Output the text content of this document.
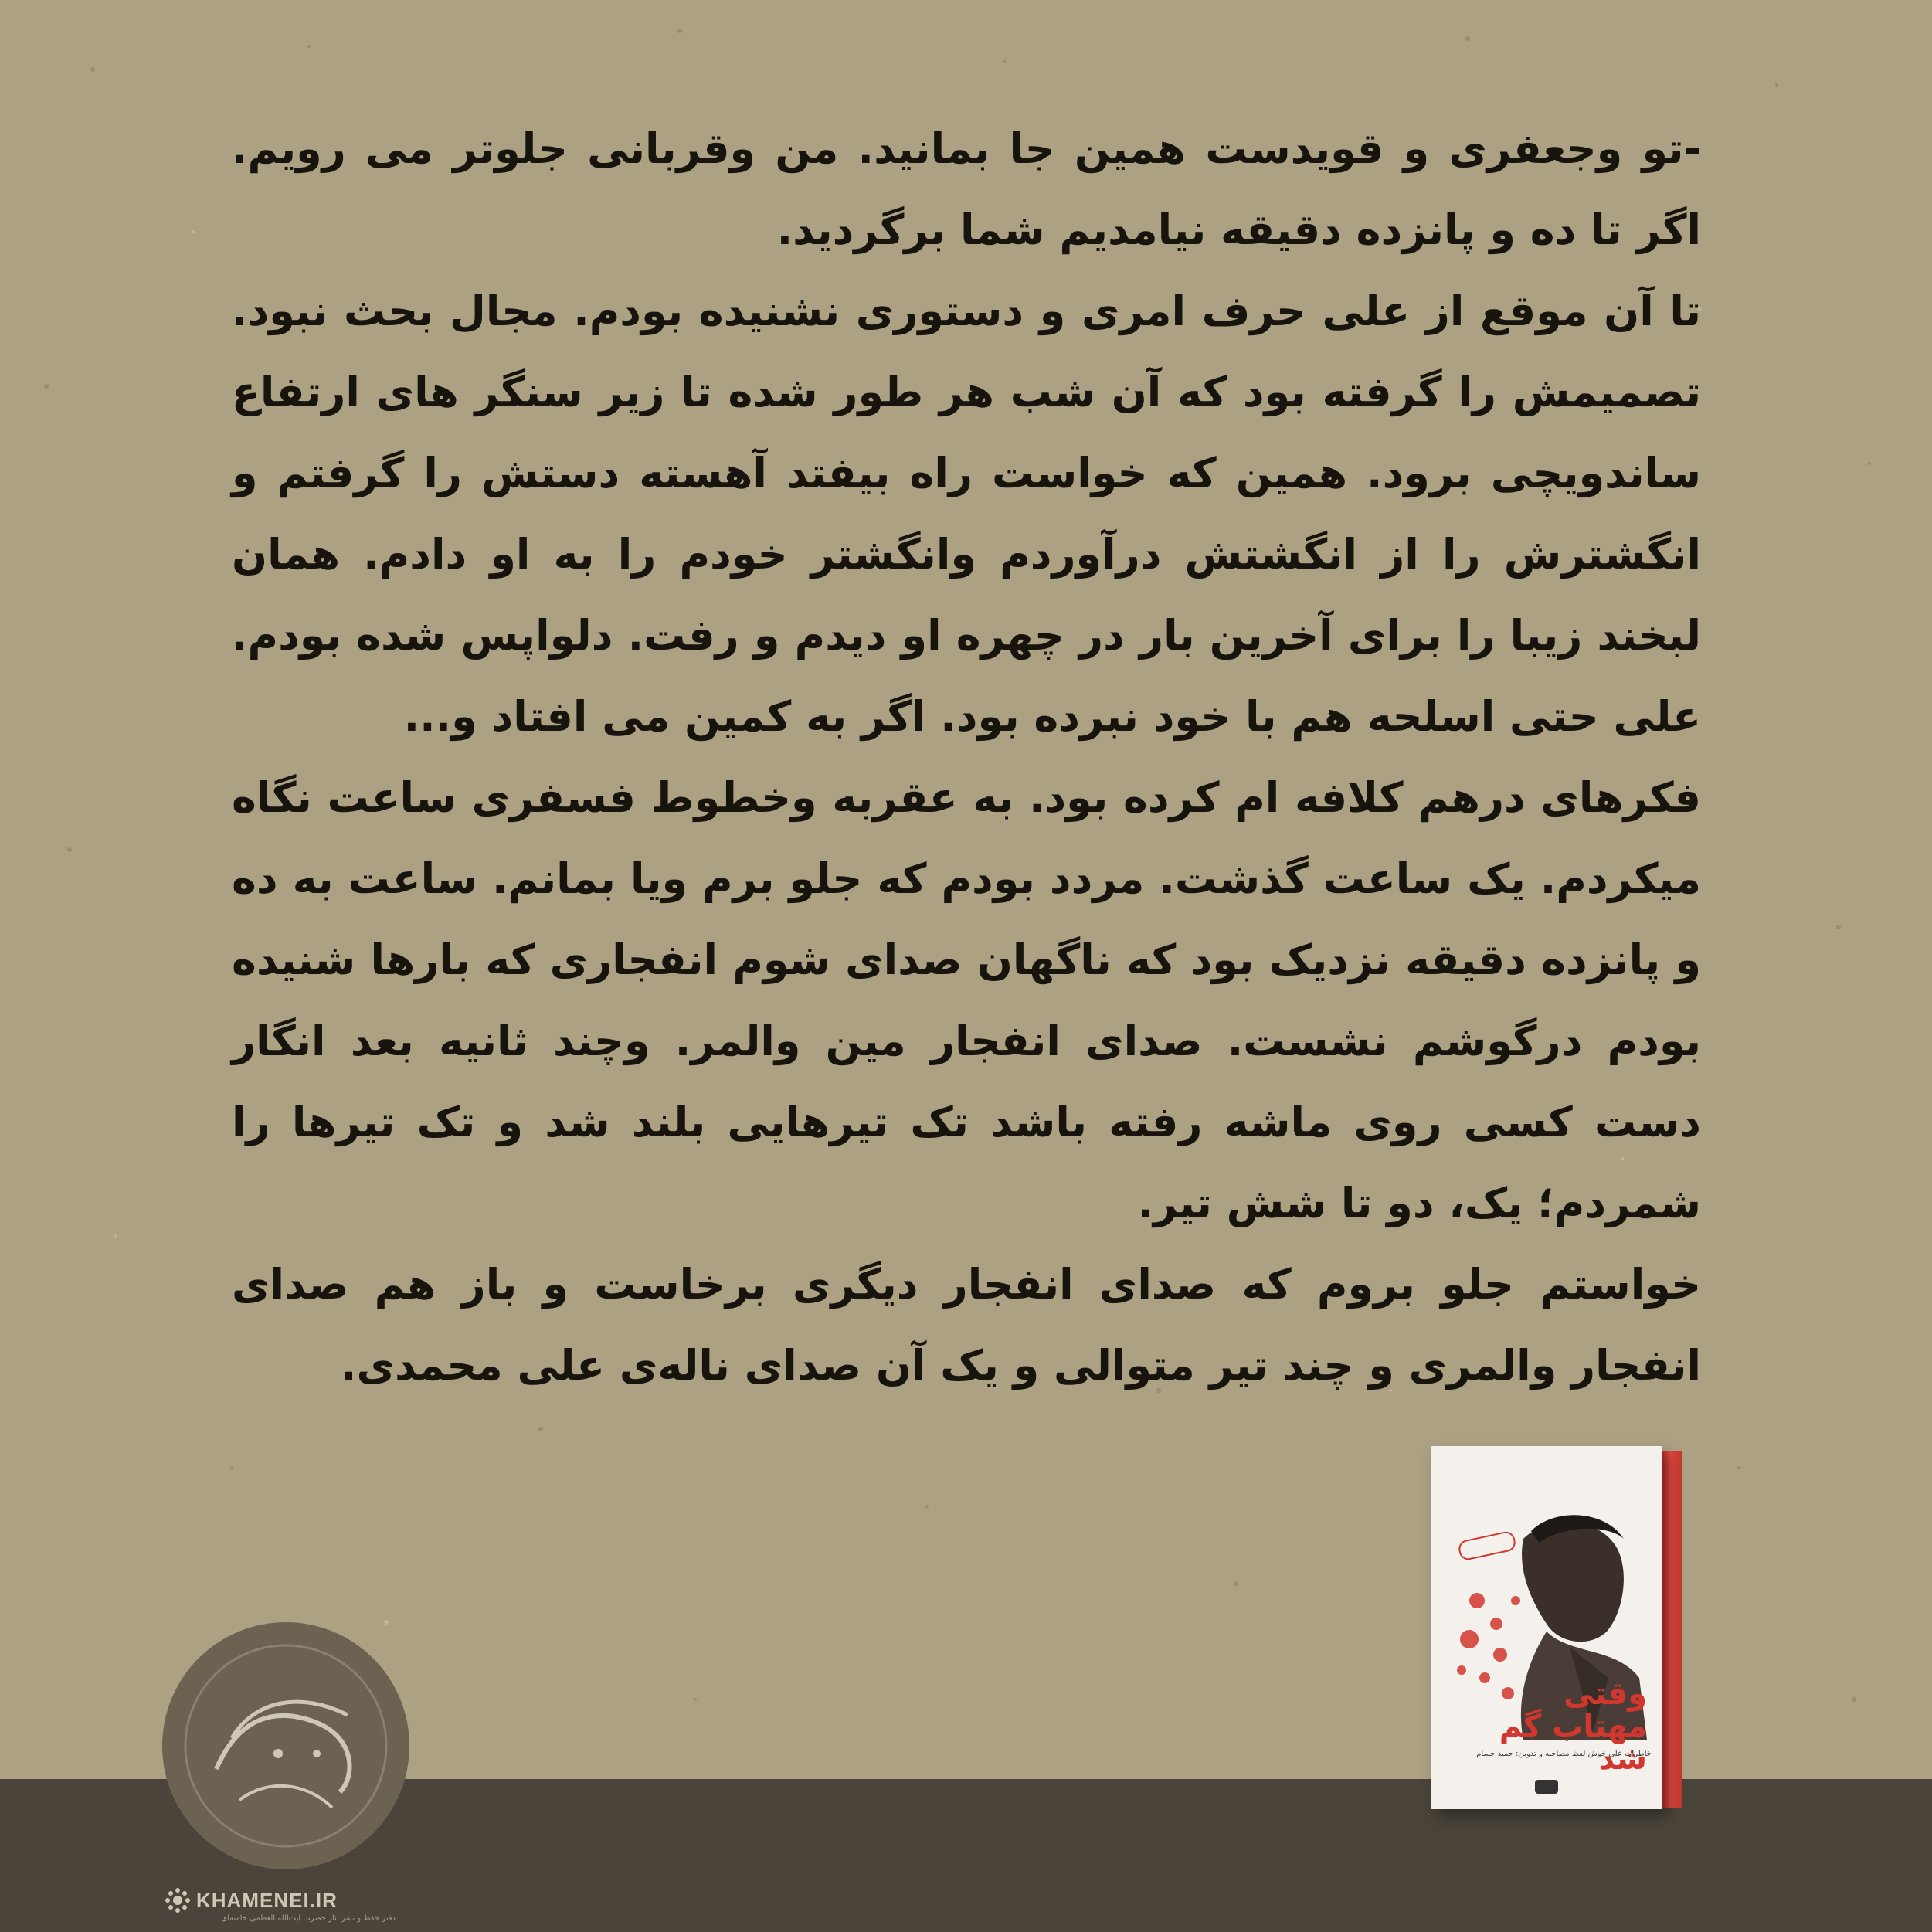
-تو وجعفری و قویدست همین جا بمانید. من وقربانی جلوتر می رویم. اگر تا ده و پانزده دقیقه نیامدیم شما برگردید.

تا آن موقع از علی حرف امری و دستوری نشنیده بودم. مجال بحث نبود. تصمیمش را گرفته بود که آن شب هر طور شده تا زیر سنگر های ارتفاع ساندویچی برود. همین که خواست راه بیفتد آهسته دستش را گرفتم و انگشترش را از انگشتش درآوردم وانگشتر خودم را به او دادم. همان لبخند زیبا را برای آخرین بار در چهره او دیدم و رفت. دلواپس شده بودم. علی حتی اسلحه هم با خود نبرده بود. اگر به کمین می افتاد و...

فکرهای درهم کلافه ام کرده بود. به عقربه وخطوط فسفری ساعت نگاه میکردم. یک ساعت گذشت. مردد بودم که جلو برم ویا بمانم. ساعت به ده و پانزده دقیقه نزدیک بود که ناگهان صدای شوم انفجاری که بارها شنیده بودم درگوشم نشست. صدای انفجار مین والمر. وچند ثانیه بعد انگار دست کسی روی ماشه رفته باشد تک تیرهایی بلند شد و تک تیرها را شمردم؛ یک، دو تا شش تیر.

خواستم جلو بروم که صدای انفجار دیگری برخاست و باز هم صدای انفجار والمری و چند تیر متوالی و یک آن صدای ناله‌ی علی محمدی.

KHAMENEI.IR
دفتر حفظ و نشر آثار حضرت آیت‌الله العظمی خامنه‌ای
وقتی مهتاب گم شد
خاطرات علی خوش لفظ مصاحبه و تدوین: حمید حسام
